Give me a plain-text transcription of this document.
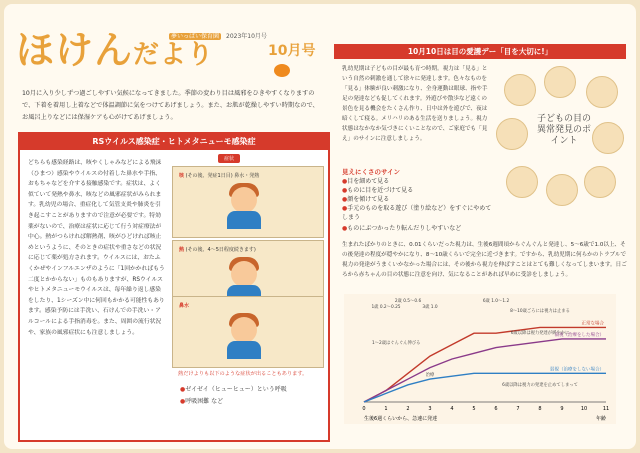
ほけんだより
夢いっぱい保育園 2023年10月号
10月号
10月に入り少しずつ過ごしやすい気候になってきました。季節の変わり目は風邪をひきやすくなりますので、下着を着用し上着などで体温調節に気をつけてあげましょう。また、お肌が乾燥しやすい時期なので、お風呂上りなどには保湿ケアも心がけてあげましょう。
RSウイルス感染症・ヒトメタニューモ感染症
どちらも感染経路は、咳やくしゃみなどによる飛沫（ひまつ）感染やウイルスの付着した鼻水や手指、おもちゃなどを介する接触感染です。症状は、よく似ていて発熱や鼻水、咳などの風邪症状がみられます。乳幼児の場合、重症化して気管支炎や肺炎を引き起こすことがありますので注意が必要です。特効薬がないので、治療は症状に応じて行う対症療法が中心。熱がつらければ解熱剤、咳がひどければ咳止めというように、そのときの症状や重さなどの状況に応じて薬が処方されます。ウイルスには、おたふくかぜやインフルエンザのように「1回かかればもう二度とかからない」ものもありますが、RSウイルスやヒトメタニューモウイルスは、毎年繰り返し感染をしたり、1シーズン中に何回もかかる可能性もあります。感染予防には手洗い、石けんでの手洗い・アルコールによる手指消毒を。また、周囲の流行状況や、家族の風邪症状にも注意しましょう。
症状
咳 (その後、発症1日目) 鼻水・発熱
熱 (その後、4〜5日程度続きます)
鼻水
熱だけよりも以下のような症状が出ることもあります。
●ゼイゼイ（ヒューヒュー）という呼吸
●呼吸困難 など
10月10日は目の愛護デー「目を大切に!」
乳幼児期は子どもの目が最も育つ時期。視力は「見る」という自然の刺激を通して徐々に発達します。色々なものを「見る」体験が良い刺激になり、全身運動は眼球、指や手足の発達なども促してくれます。外遊びや散歩など遠くの景色を見る機会をたくさん作り、日中は外を遊びで、夜は暗くして寝る。メリハリのある生活を送りましょう。視力状態はなかなか気づきにくいことなので、ご家庭でも「見え」のサインに注意しましょう。
見えにくさのサイン
●目を細めて見る
●ものに目を近づけて見る
●顔を傾けて見る
●手元のものを取る遊び（塗り絵など）をすぐにやめてしまう
●ものにぶつかったり転んだりしやすいなど
子どもの目の異常発見のポイント
生まれたばかりのときに、0.01くらいだった視力は、生後6週間頃からぐんぐんと発達し、5〜6歳で1.0以上、その後発達の程度が穏やかになり、8〜10歳くらいで完全に近づきます。ですから、乳幼児期に何らかのトラブルで視力の発達がうまくいかなかった場合には、その後から視力を伸ばすことはとても難しくなってしまいます。日ごろから赤ちゃんの目の状態に注意を向け、気になることがあれば早めに受診をしましょう。
正常な場合
弱視（治療をした場合）
弱視（治療をしない場合）
0	1	2	3	4	5	6	7	8	9	10	11
年齢
生後6週くらいから、急速に発達
1歳 0.2〜0.25
2歳 0.5〜0.6
3歳 1.0
6歳 1.0〜1.2
8〜10歳ごろには視力は止まる
6歳以降は視力発達が緩やかに
1〜2歳はぐんぐん伸びる
治療
6歳以降は視力の発達を止めてしまって
